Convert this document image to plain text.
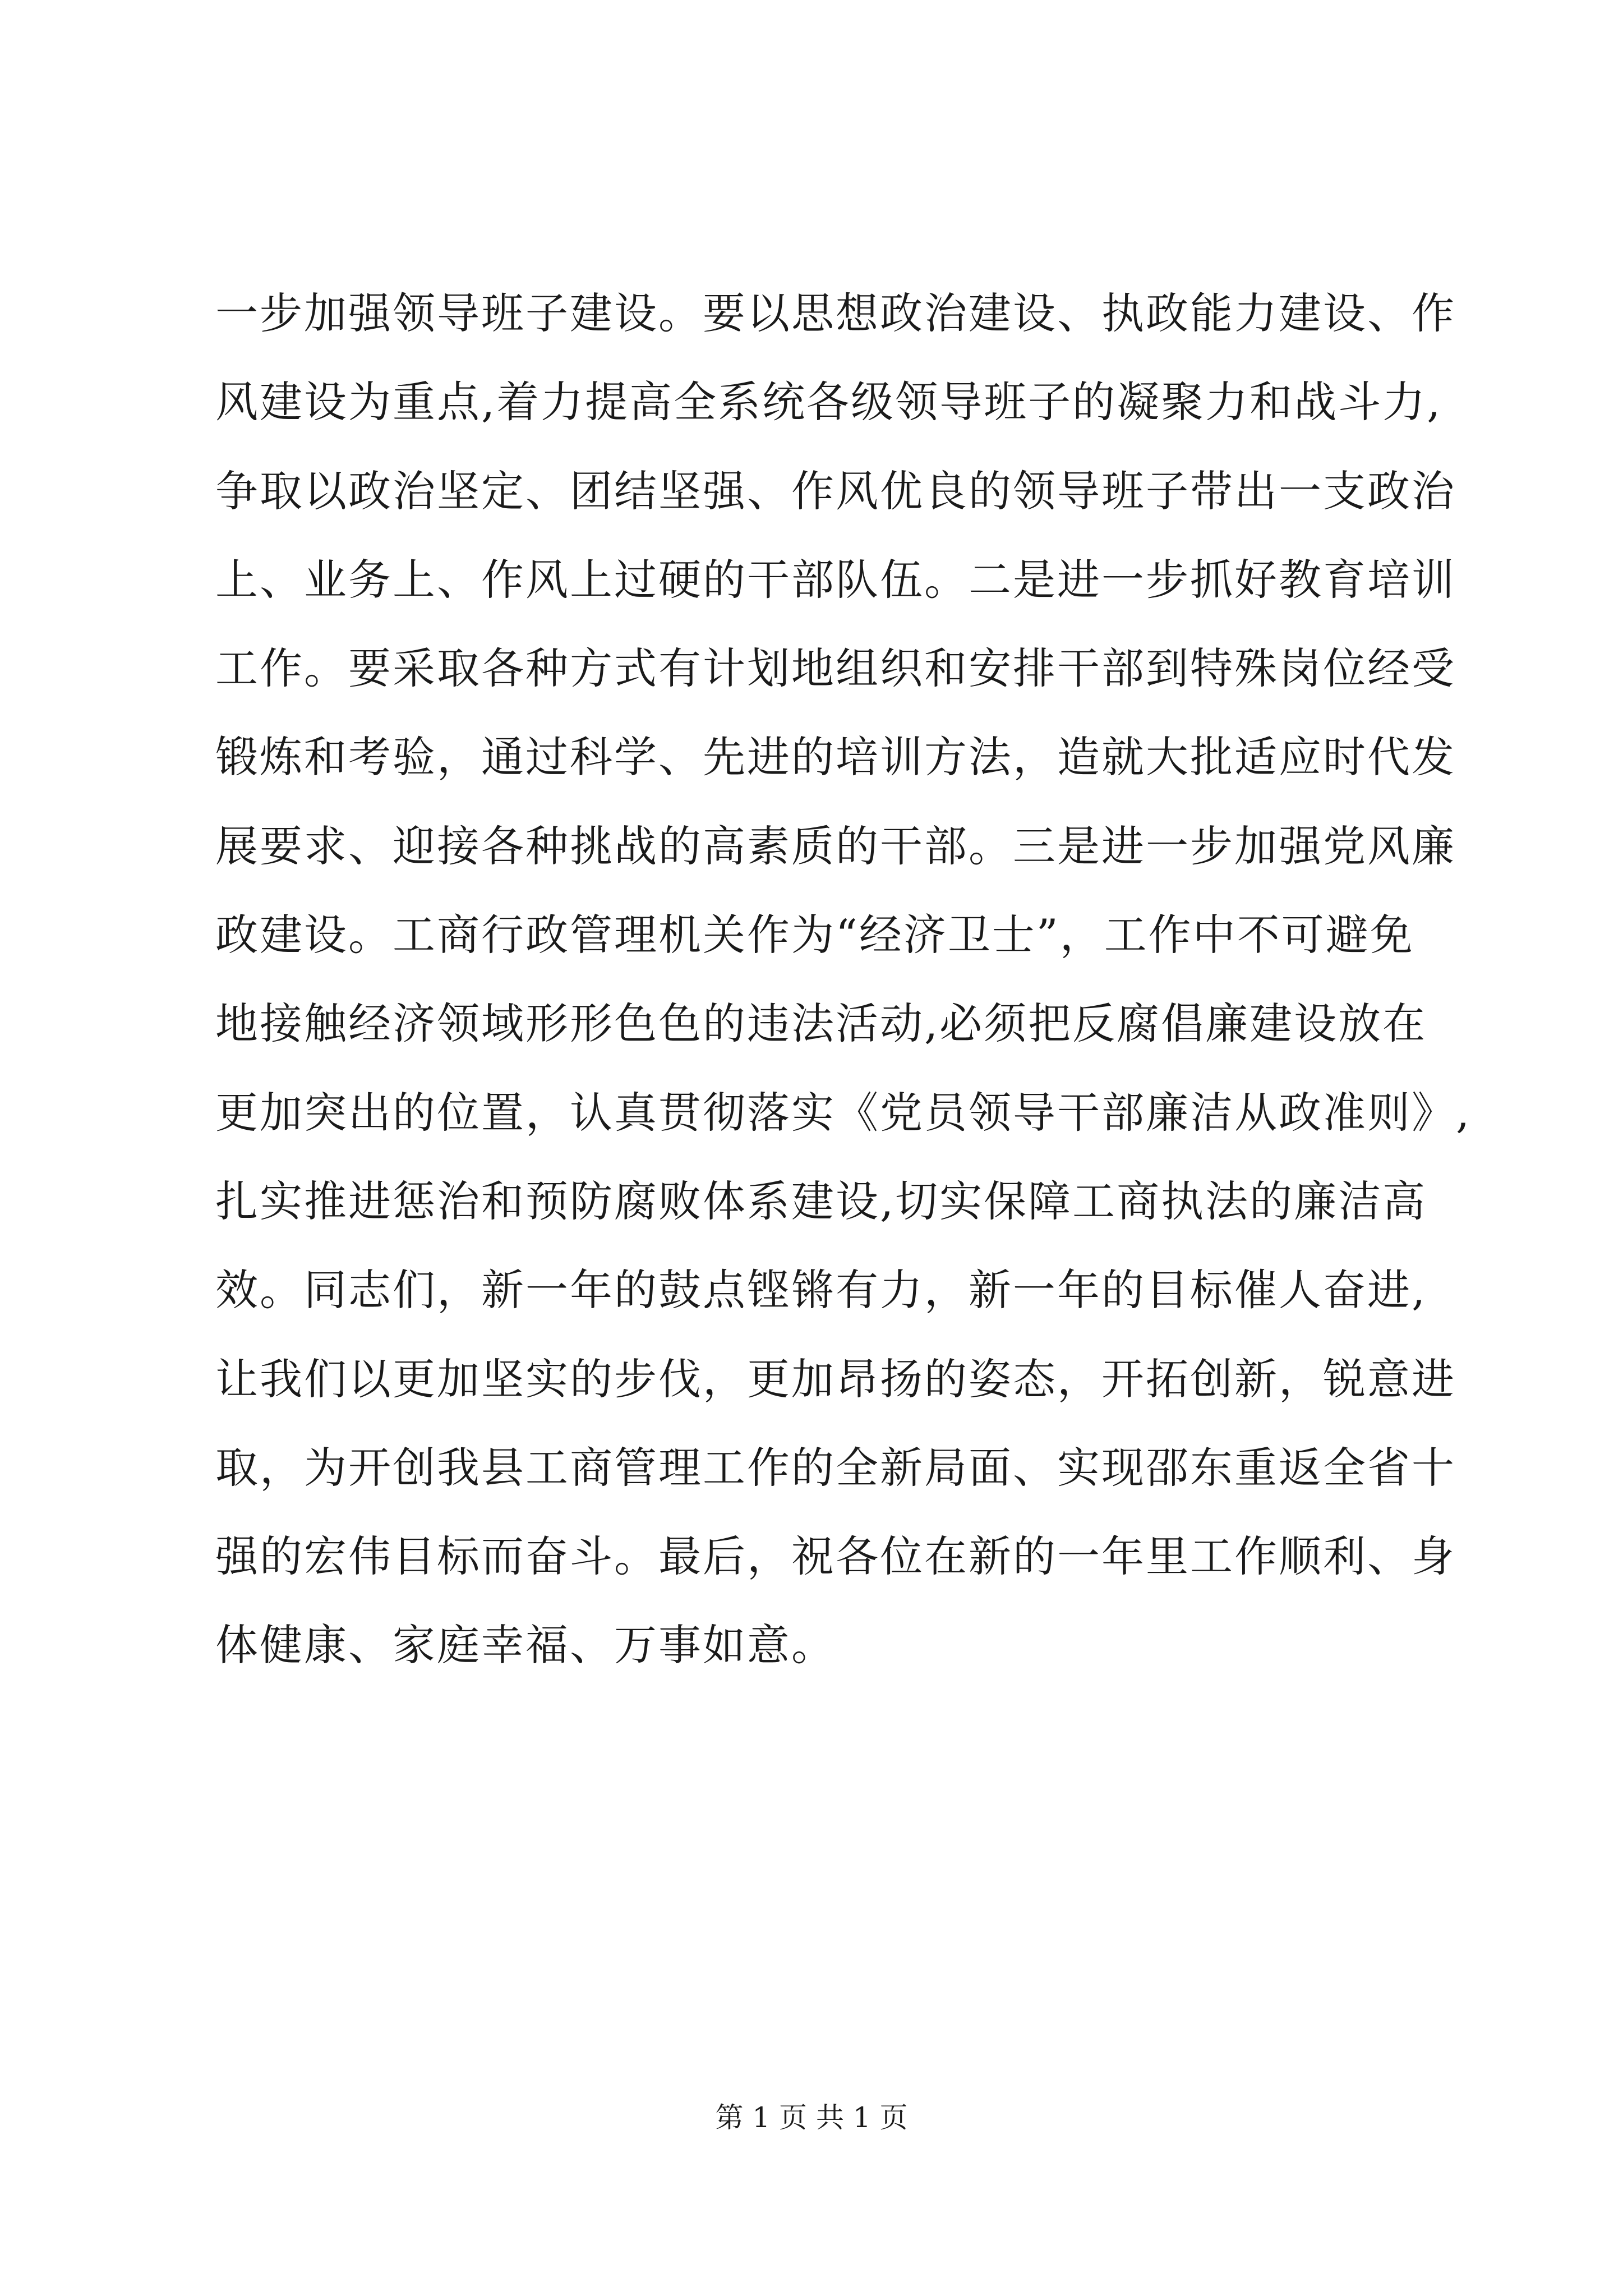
一步加强领导班子建设。要以思想政治建设、执政能力建设、作
风建设为重点,着力提高全系统各级领导班子的凝聚力和战斗力,
争取以政治坚定、团结坚强、作风优良的领导班子带出一支政治
上、业务上、作风上过硬的干部队伍。二是进一步抓好教育培训
工作。要采取各种方式有计划地组织和安排干部到特殊岗位经受
锻炼和考验，通过科学、先进的培训方法，造就大批适应时代发
展要求、迎接各种挑战的高素质的干部。三是进一步加强党风廉
政建设。工商行政管理机关作为“经济卫士”，工作中不可避免
地接触经济领域形形色色的违法活动,必须把反腐倡廉建设放在
更加突出的位置，认真贯彻落实《党员领导干部廉洁从政准则》,
扎实推进惩治和预防腐败体系建设,切实保障工商执法的廉洁高
效。同志们，新一年的鼓点铿锵有力，新一年的目标催人奋进,
让我们以更加坚实的步伐，更加昂扬的姿态，开拓创新，锐意进
取，为开创我县工商管理工作的全新局面、实现邵东重返全省十
强的宏伟目标而奋斗。最后，祝各位在新的一年里工作顺利、身
体健康、家庭幸福、万事如意。
第 1 页 共 1 页
